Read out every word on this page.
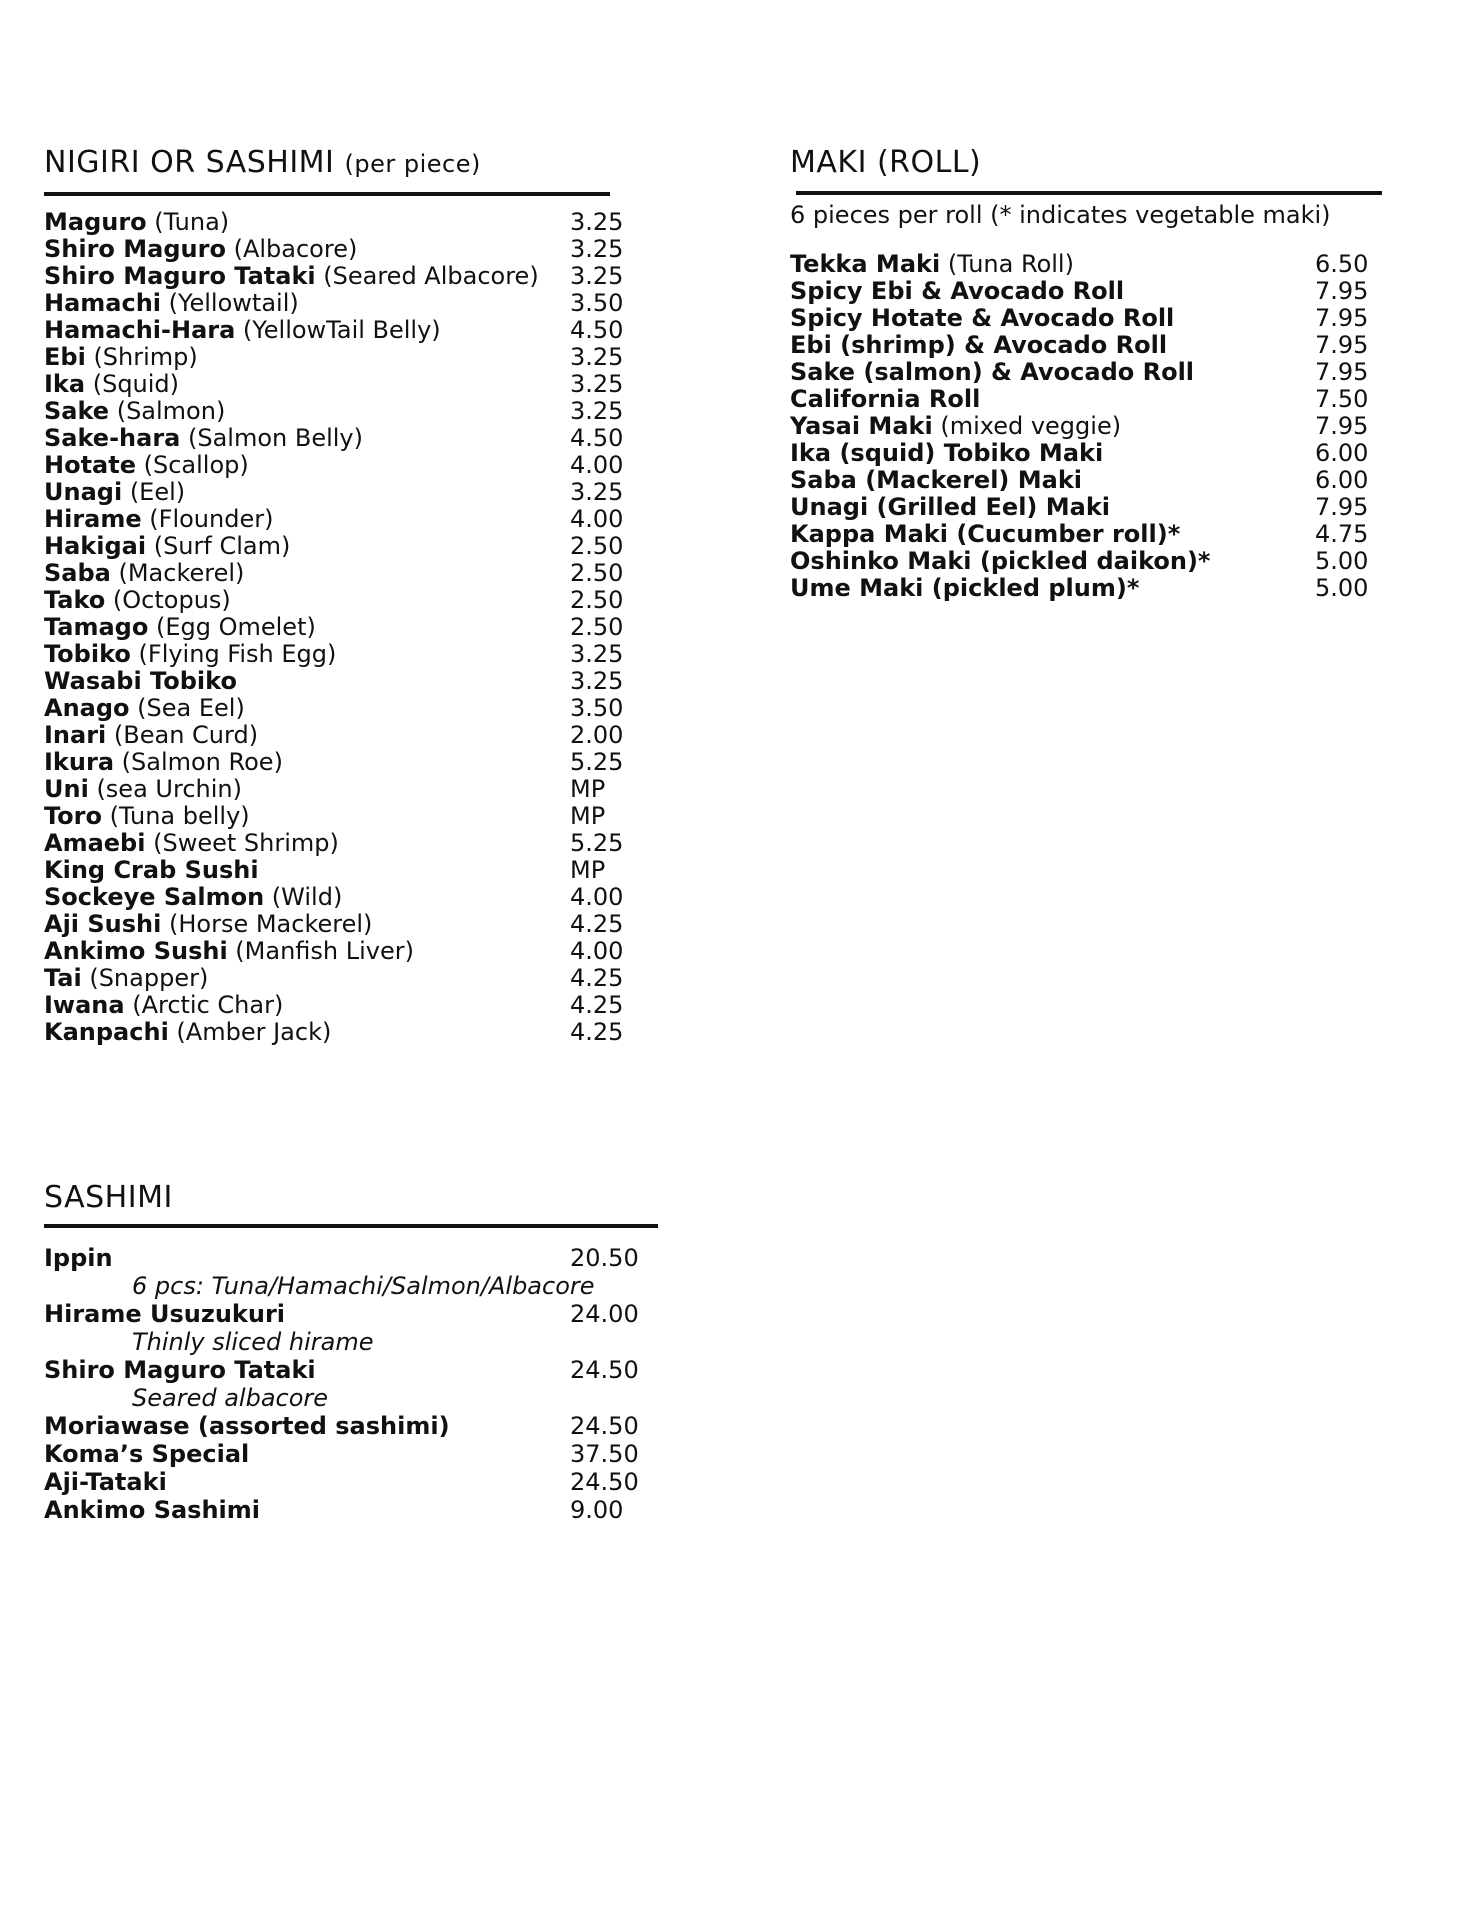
NIGIRI OR SASHIMI (per piece)
Maguro (Tuna)	3.25
Shiro Maguro (Albacore)	3.25
Shiro Maguro Tataki (Seared Albacore) 3.25
Hamachi (Yellowtail)	3.50
Hamachi-Hara (YellowTail Belly)	4.50
Ebi (Shrimp)	3.25
Ika (Squid)	3.25
Sake (Salmon)	3.25
Sake-hara (Salmon Belly)	4.50
Hotate (Scallop)	4.00
Unagi (Eel)	3.25
Hirame (Flounder)	4.00
Hakigai (Surf Clam)	2.50
Saba (Mackerel)	2.50
Tako (Octopus)	2.50
Tamago (Egg Omelet)	2.50
Tobiko (Flying Fish Egg)	3.25
Wasabi Tobiko	3.25
Anago (Sea Eel)	3.50
Inari (Bean Curd)	2.00
Ikura (Salmon Roe)	5.25
Uni (sea Urchin)	MP
Toro (Tuna belly)	MP
Amaebi (Sweet Shrimp)	5.25
King Crab Sushi	MP
Sockeye Salmon (Wild)	4.00
Aji Sushi (Horse Mackerel)	4.25
Ankimo Sushi (Manfish Liver)	4.00
Tai (Snapper)	4.25
Iwana (Arctic Char)	4.25
Kanpachi (Amber Jack)	4.25
MAKI (ROLL)
6 pieces per roll (* indicates vegetable maki)
Tekka Maki (Tuna Roll)	6.50
Spicy Ebi & Avocado Roll	7.95
Spicy Hotate & Avocado Roll	7.95
Ebi (shrimp) & Avocado Roll	7.95
Sake (salmon) & Avocado Roll	7.95
California Roll	7.50
Yasai Maki (mixed veggie)	7.95
Ika (squid) Tobiko Maki	6.00
Saba (Mackerel) Maki	6.00
Unagi (Grilled Eel) Maki	7.95
Kappa Maki (Cucumber roll)*	4.75
Oshinko Maki (pickled daikon)*	5.00
Ume Maki (pickled plum)*	5.00
SASHIMI
Ippin	20.50
6 pcs: Tuna/Hamachi/Salmon/Albacore
Hirame Usuzukuri	24.00
Thinly sliced hirame
Shiro Maguro Tataki	24.50
Seared albacore
Moriawase (assorted sashimi)	24.50
Koma’s Special	37.50
Aji-Tataki	24.50
Ankimo Sashimi	9.00
